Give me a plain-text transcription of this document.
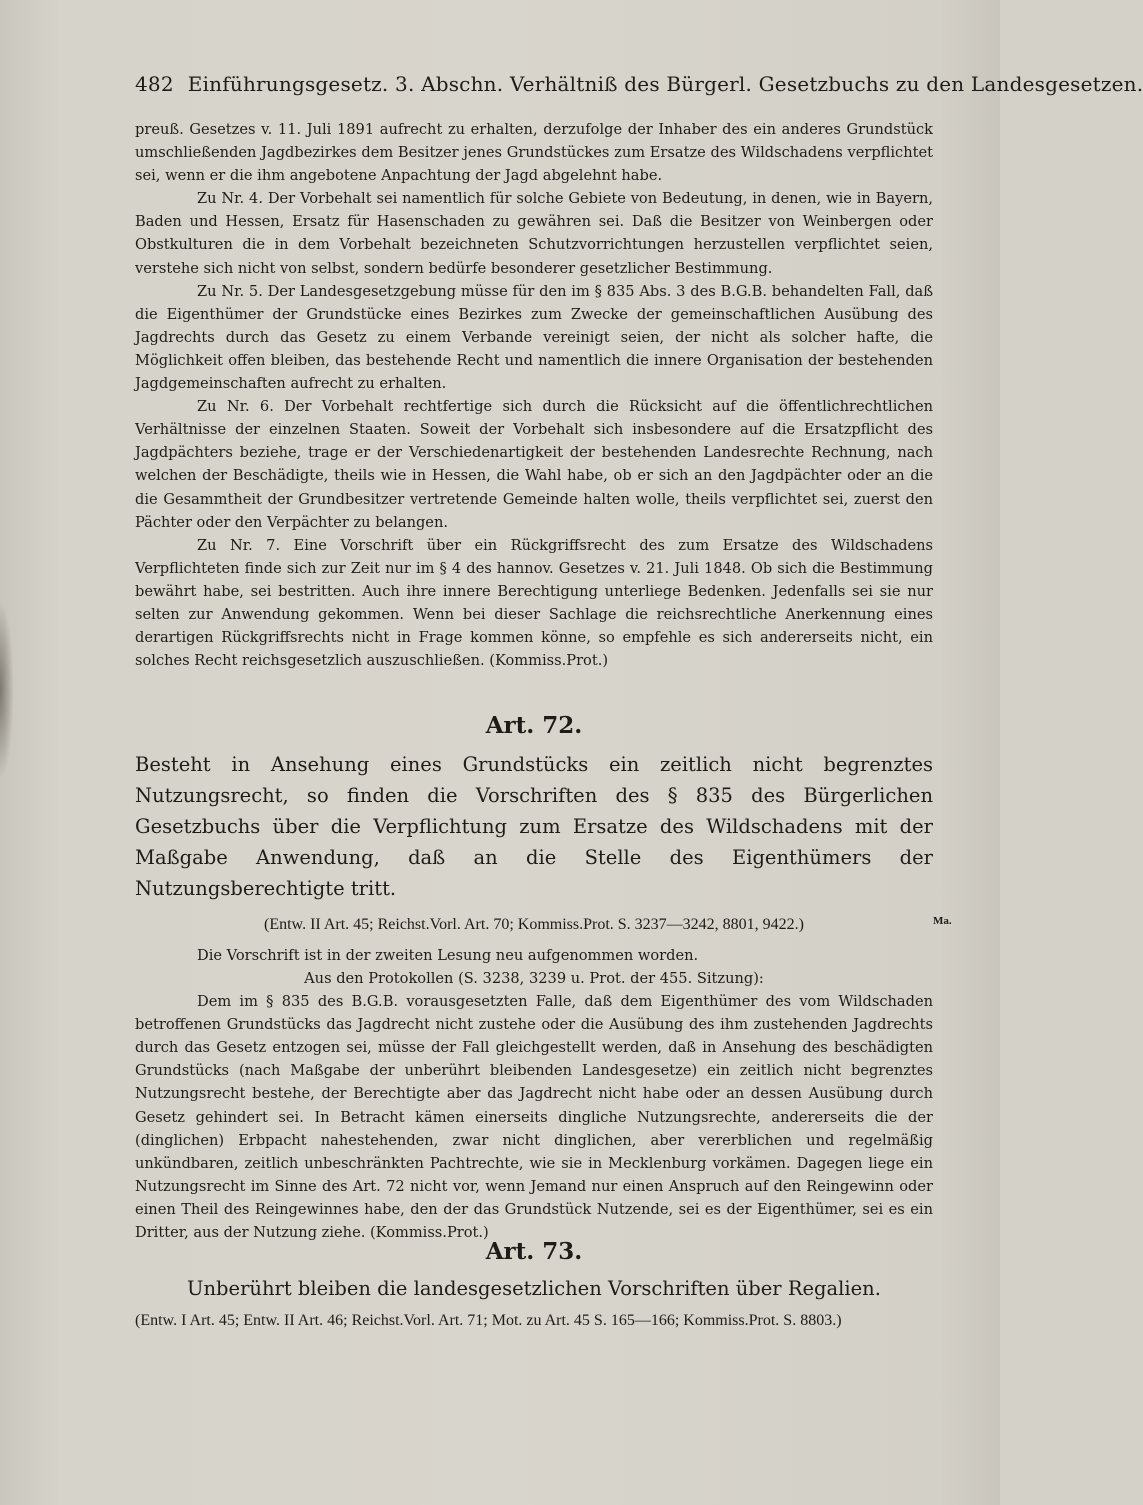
482 Einführungsgesetz. 3. Abschn. Verhältniß des Bürgerl. Gesetzbuchs zu den Landesgesetzen.

preuß. Gesetzes v. 11. Juli 1891 aufrecht zu erhalten, derzufolge der Inhaber des ein anderes Grundstück umschließenden Jagdbezirkes dem Besitzer jenes Grundstückes zum Ersatze des Wildschadens verpflichtet sei, wenn er die ihm angebotene Anpachtung der Jagd abgelehnt habe.

Zu Nr. 4. Der Vorbehalt sei namentlich für solche Gebiete von Bedeutung, in denen, wie in Bayern, Baden und Hessen, Ersatz für Hasenschaden zu gewähren sei. Daß die Besitzer von Weinbergen oder Obstkulturen die in dem Vorbehalt bezeichneten Schutzvorrichtungen herzustellen verpflichtet seien, verstehe sich nicht von selbst, sondern bedürfe besonderer gesetzlicher Bestimmung.

Zu Nr. 5. Der Landesgesetzgebung müsse für den im § 835 Abs. 3 des B.G.B. behandelten Fall, daß die Eigenthümer der Grundstücke eines Bezirkes zum Zwecke der gemeinschaftlichen Ausübung des Jagdrechts durch das Gesetz zu einem Verbande vereinigt seien, der nicht als solcher hafte, die Möglichkeit offen bleiben, das bestehende Recht und namentlich die innere Organisation der bestehenden Jagdgemeinschaften aufrecht zu erhalten.

Zu Nr. 6. Der Vorbehalt rechtfertige sich durch die Rücksicht auf die öffentlichrechtlichen Verhältnisse der einzelnen Staaten. Soweit der Vorbehalt sich insbesondere auf die Ersatzpflicht des Jagdpächters beziehe, trage er der Verschiedenartigkeit der bestehenden Landesrechte Rechnung, nach welchen der Beschädigte, theils wie in Hessen, die Wahl habe, ob er sich an den Jagdpächter oder an die die Gesammtheit der Grundbesitzer vertretende Gemeinde halten wolle, theils verpflichtet sei, zuerst den Pächter oder den Verpächter zu belangen.

Zu Nr. 7. Eine Vorschrift über ein Rückgriffsrecht des zum Ersatze des Wildschadens Verpflichteten finde sich zur Zeit nur im § 4 des hannov. Gesetzes v. 21. Juli 1848. Ob sich die Bestimmung bewährt habe, sei bestritten. Auch ihre innere Berechtigung unterliege Bedenken. Jedenfalls sei sie nur selten zur Anwendung gekommen. Wenn bei dieser Sachlage die reichsrechtliche Anerkennung eines derartigen Rückgriffsrechts nicht in Frage kommen könne, so empfehle es sich andererseits nicht, ein solches Recht reichsgesetzlich auszuschließen. (Kommiss.Prot.)

Art. 72.

Besteht in Ansehung eines Grundstücks ein zeitlich nicht begrenztes Nutzungsrecht, so finden die Vorschriften des § 835 des Bürgerlichen Gesetzbuchs über die Verpflichtung zum Ersatze des Wildschadens mit der Maßgabe Anwendung, daß an die Stelle des Eigenthümers der Nutzungsberechtigte tritt.

(Entw. II Art. 45; Reichst.Vorl. Art. 70; Kommiss.Prot. S. 3237—3242, 8801, 9422.)

Die Vorschrift ist in der zweiten Lesung neu aufgenommen worden.

Aus den Protokollen (S. 3238, 3239 u. Prot. der 455. Sitzung):

Dem im § 835 des B.G.B. vorausgesetzten Falle, daß dem Eigenthümer des vom Wildschaden betroffenen Grundstücks das Jagdrecht nicht zustehe oder die Ausübung des ihm zustehenden Jagdrechts durch das Gesetz entzogen sei, müsse der Fall gleichgestellt werden, daß in Ansehung des beschädigten Grundstücks (nach Maßgabe der unberührt bleibenden Landesgesetze) ein zeitlich nicht begrenztes Nutzungsrecht bestehe, der Berechtigte aber das Jagdrecht nicht habe oder an dessen Ausübung durch Gesetz gehindert sei. In Betracht kämen einerseits dingliche Nutzungsrechte, andererseits die der (dinglichen) Erbpacht nahestehenden, zwar nicht dinglichen, aber vererblichen und regelmäßig unkündbaren, zeitlich unbeschränkten Pachtrechte, wie sie in Mecklenburg vorkämen. Dagegen liege ein Nutzungsrecht im Sinne des Art. 72 nicht vor, wenn Jemand nur einen Anspruch auf den Reingewinn oder einen Theil des Reingewinnes habe, den der das Grundstück Nutzende, sei es der Eigenthümer, sei es ein Dritter, aus der Nutzung ziehe. (Kommiss.Prot.)

Ma.

Art. 73.

Unberührt bleiben die landesgesetzlichen Vorschriften über Regalien.

(Entw. I Art. 45; Entw. II Art. 46; Reichst.Vorl. Art. 71; Mot. zu Art. 45 S. 165—166; Kommiss.Prot. S. 8803.)
